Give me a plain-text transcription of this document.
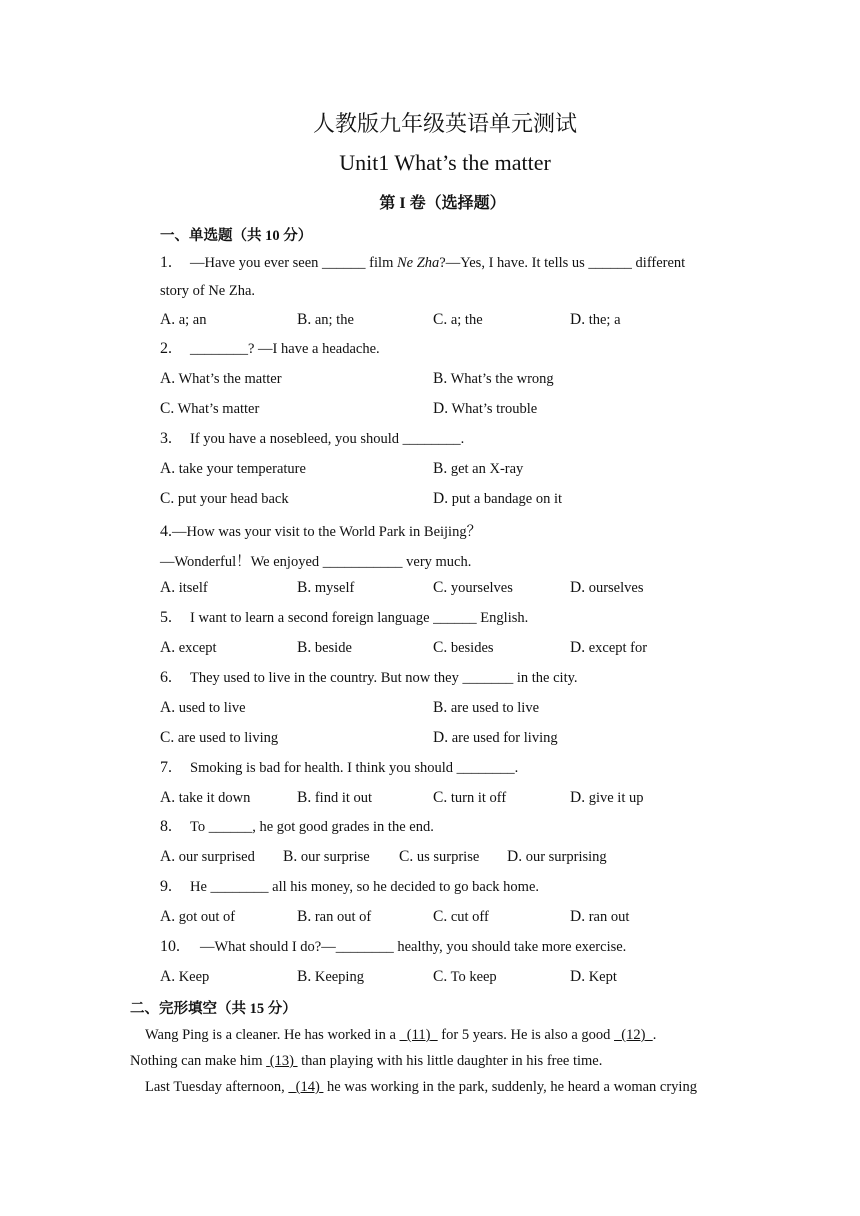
人教版九年级英语单元测试
Unit1 What’s the matter
第 I 卷（选择题）
一、单选题（共 10 分）
1. —Have you ever seen ______ film Ne Zha?—Yes, I have. It tells us ______ different
story of Ne Zha.
A. a; an	B. an; the	C. a; the	D. the; a
2. ________? —I have a headache.
A. What’s the matter	B. What’s the wrong
C. What’s matter	D. What’s trouble
3. If you have a nosebleed, you should ________.
A. take your temperature	B. get an X-ray
C. put your head back	D. put a bandage on it
4.—How was your visit to the World Park in Beijing？
—Wonderful！We enjoyed ___________ very much.
A. itself	B. myself	C. yourselves	D. ourselves
5. I want to learn a second foreign language ______ English.
A. except	B. beside	C. besides	D. except for
6. They used to live in the country. But now they _______ in the city.
A. used to live	B. are used to live
C. are used to living	D. are used for living
7. Smoking is bad for health. I think you should ________.
A. take it down	B. find it out	C. turn it off	D. give it up
8. To ______, he got good grades in the end.
A. our surprised B. our surprise C. us surprise D. our surprising
9. He ________ all his money, so he decided to go back home.
A. got out of	B. ran out of	C. cut off	D. ran out
10. —What should I do?—________ healthy, you should take more exercise.
A. Keep	B. Keeping	C. To keep	D. Kept
二、完形填空（共 15 分）
Wang Ping is a cleaner. He has worked in a   (11)   for 5 years. He is also a good   (12) .
Nothing can make him  (13)  than playing with his little daughter in his free time.
Last Tuesday afternoon,   (14)  he was working in the park, suddenly, he heard a woman crying
